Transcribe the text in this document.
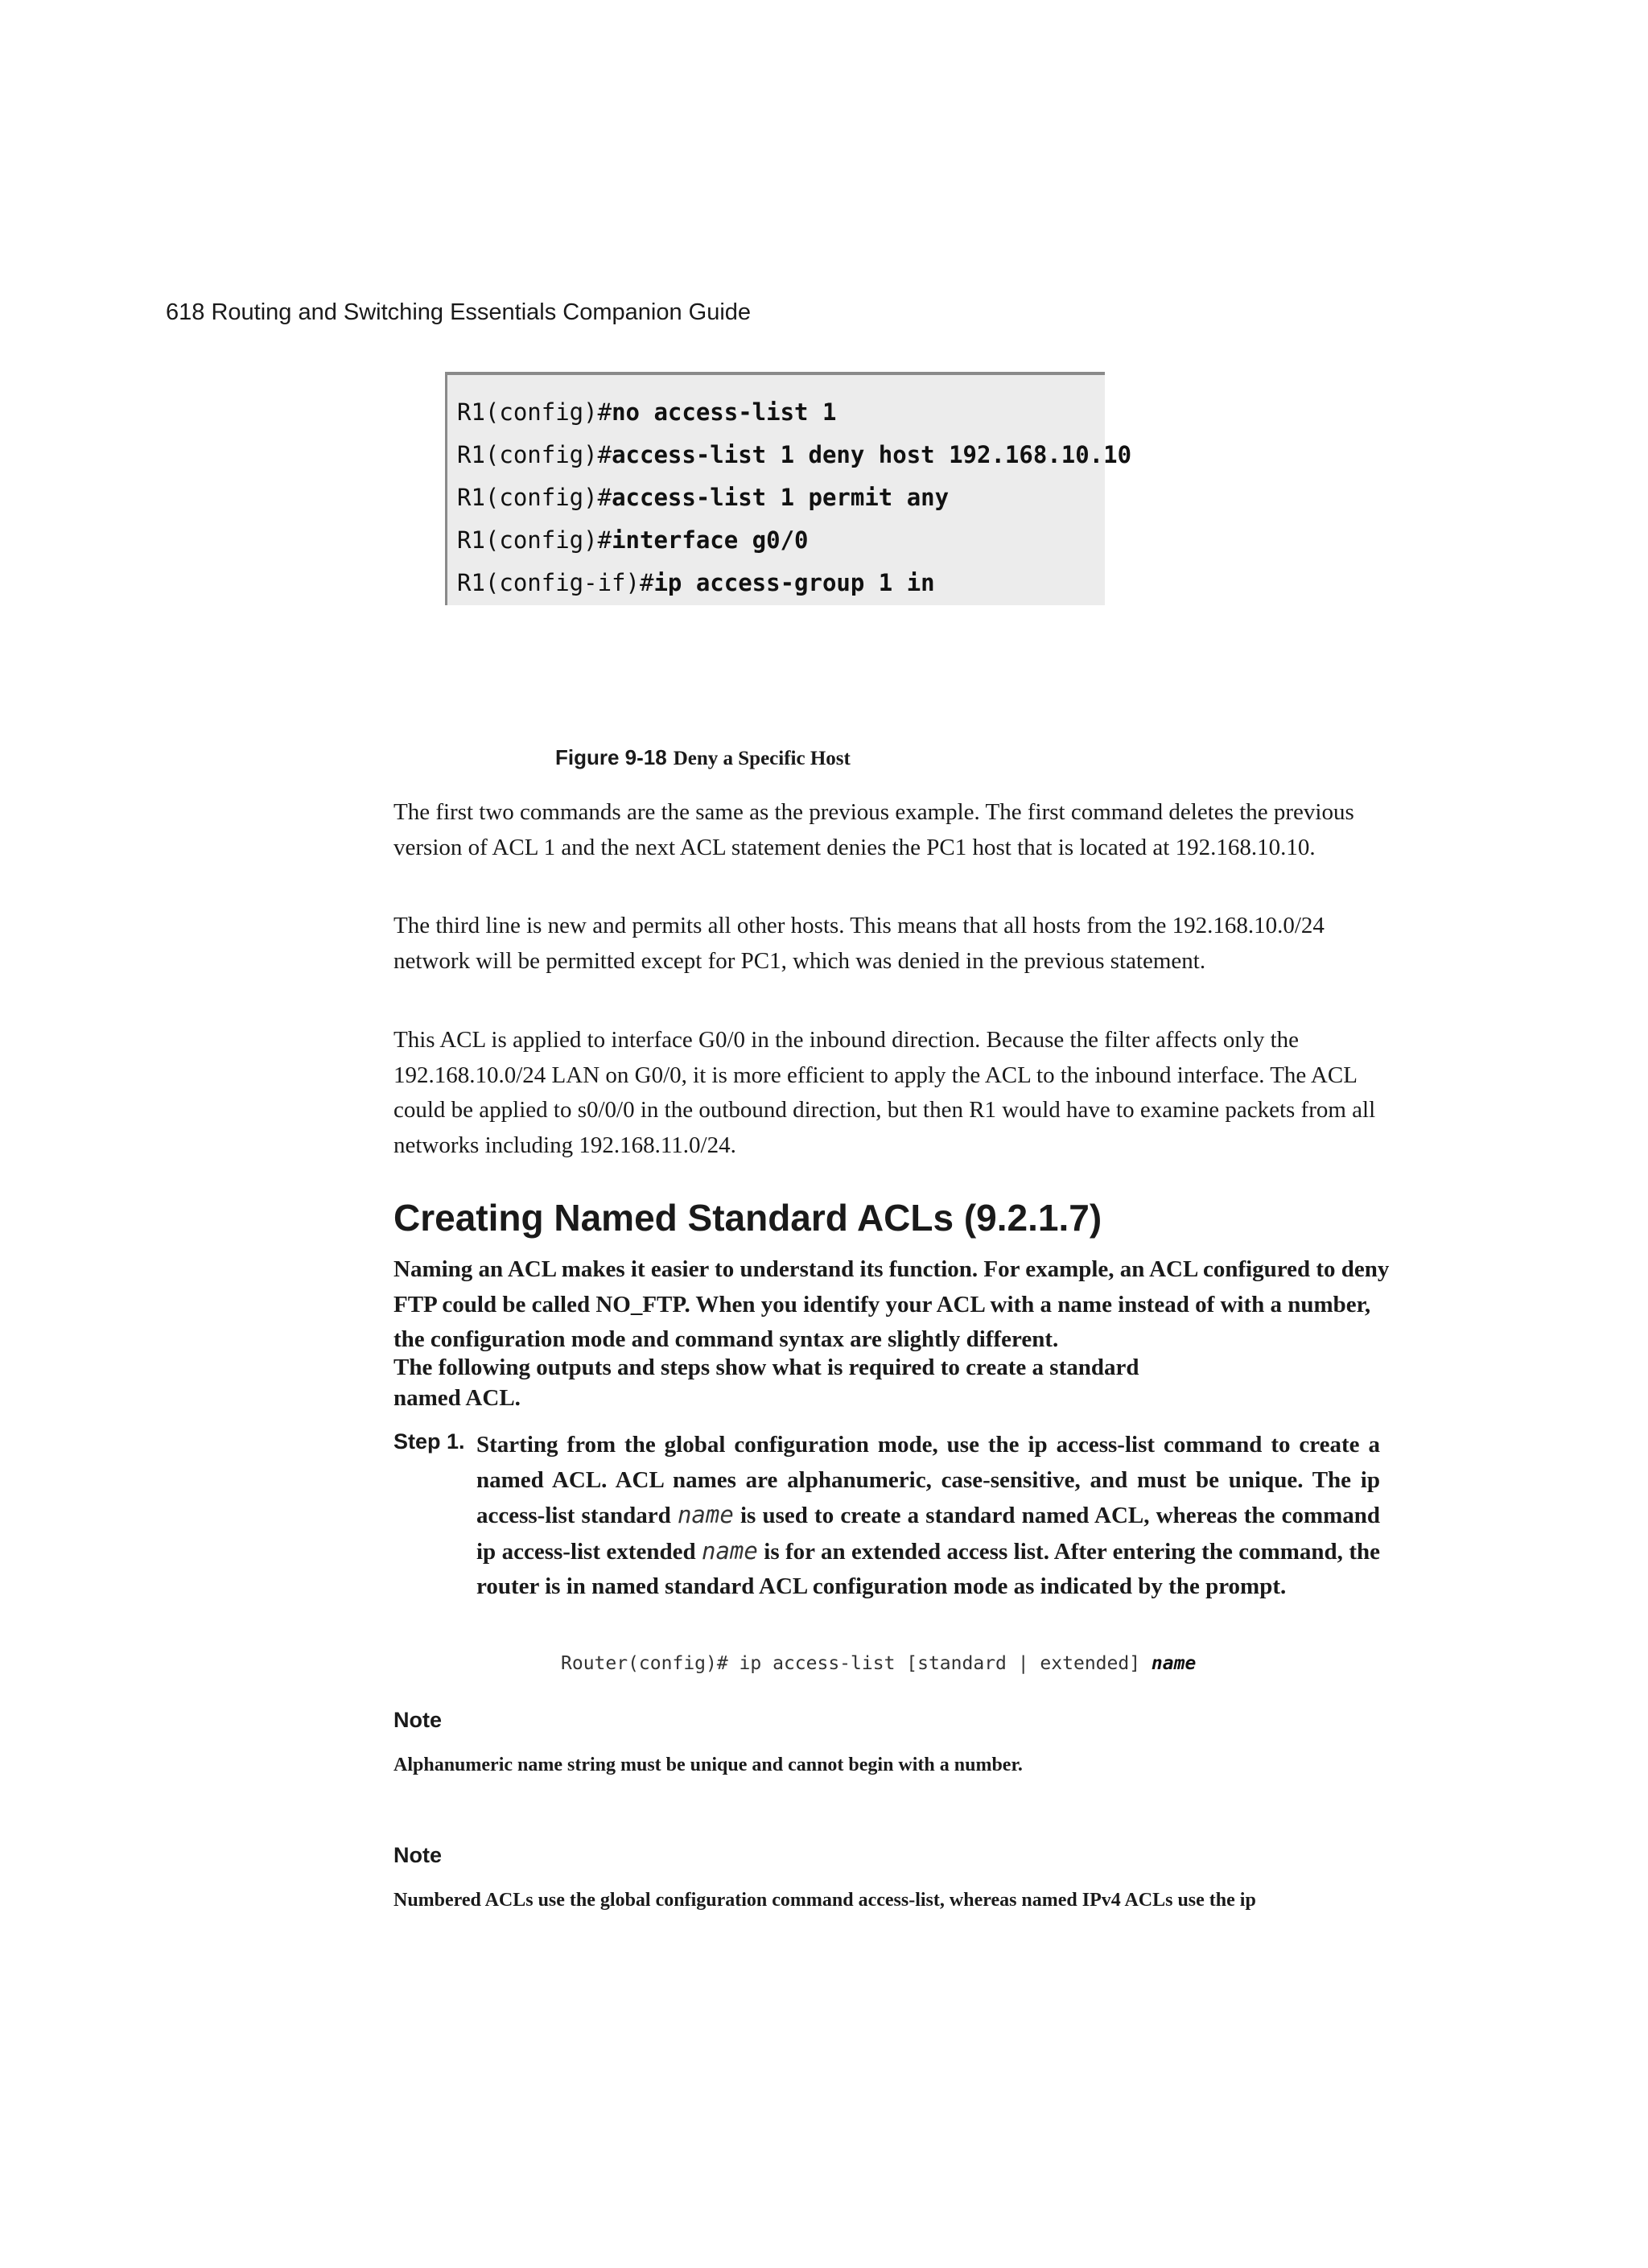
618 Routing and Switching Essentials Companion Guide
R1(config)#no access-list 1
R1(config)#access-list 1 deny host 192.168.10.10
R1(config)#access-list 1 permit any
R1(config)#interface g0/0
R1(config-if)#ip access-group 1 in
Figure 9-18 Deny a Specific Host

The first two commands are the same as the previous example. The first command deletes the previous version of ACL 1 and the next ACL statement denies the PC1 host that is located at 192.168.10.10.

The third line is new and permits all other hosts. This means that all hosts from the 192.168.10.0/24 network will be permitted except for PC1, which was denied in the previous statement.

This ACL is applied to interface G0/0 in the inbound direction. Because the filter affects only the 192.168.10.0/24 LAN on G0/0, it is more efficient to apply the ACL to the inbound interface. The ACL could be applied to s0/0/0 in the outbound direction, but then R1 would have to examine packets from all networks including 192.168.11.0/24.

Creating Named Standard ACLs (9.2.1.7)
Naming an ACL makes it easier to understand its function. For example, an ACL configured to deny FTP could be called NO_FTP. When you identify your ACL with a name instead of with a number, the configuration mode and command syntax are slightly different.
The following outputs and steps show what is required to create a standard named ACL.
Step 1. Starting from the global configuration mode, use the ip access-list command to create a named ACL. ACL names are alphanumeric, case-sensitive, and must be unique. The ip access-list standard name is used to create a standard named ACL, whereas the command ip access-list extended name is for an extended access list. After entering the command, the router is in named standard ACL configuration mode as indicated by the prompt.
Router(config)# ip access-list [standard | extended] name
Note
Alphanumeric name string must be unique and cannot begin with a number.
Note
Numbered ACLs use the global configuration command access-list, whereas named IPv4 ACLs use the ip
